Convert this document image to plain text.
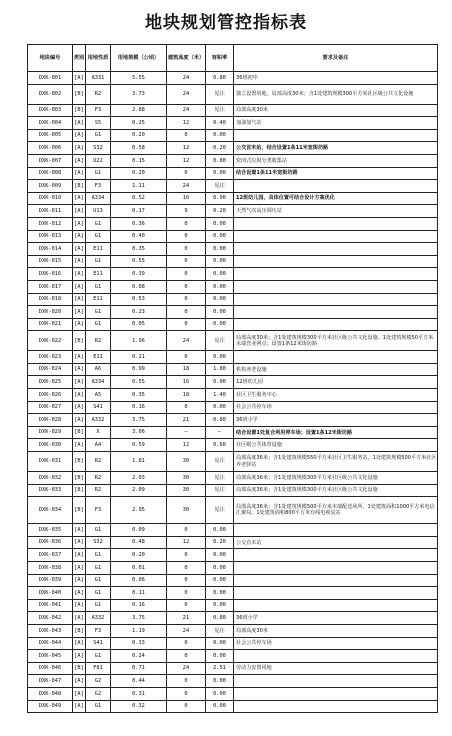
地块规划管控指标表
地块编号	类别	用地性质	用地规模（公顷）	建筑高度（米）	容积率	要求及备注
DXK-001	[A]	A331	5.55	24	0.80	36班初中
DXK-002	[B]	R2	3.73	24	见注	独立设置用地，局部高度30米；含1处建筑规模300平方米社区级公共文化设施
DXK-003	[B]	F3	2.88	24	见注	局部高度30米
DXK-004	[A]	S5	0.25	12	0.40	加油加气站
DXK-005	[A]	G1	0.20	0	0.00	
DXK-006	[A]	S32	0.58	12	0.20	公交首末站，结合设置1条11米宽街坊路
DXK-007	[A]	U22	0.15	12	0.80	密闭式垃圾分类收集站
DXK-008	[A]	G1	0.20	0	0.00	结合设置1条11米宽街坊路
DXK-009	[B]	F3	1.11	24	见注	
DXK-010	[A]	A334	0.52	16	0.90	12班幼儿园，具体位置可结合设计方案优化
DXK-011	[A]	U13	0.17	9	0.20	天然气次高压调压站
DXK-012	[A]	G1	0.36	0	0.00	
DXK-013	[A]	G1	0.40	0	0.00	
DXK-014	[A]	E11	0.35	0	0.00	
DXK-015	[A]	G1	0.55	0	0.00	
DXK-016	[A]	E11	0.39	0	0.00	
DXK-017	[A]	G1	0.08	0	0.00	
DXK-018	[A]	E11	0.53	0	0.00	
DXK-020	[A]	G1	0.23	0	0.00	
DXK-021	[A]	G1	0.05	0	0.00	
DXK-022	[B]	R2	1.96	24	见注	局部高度30米；含1处建筑规模300平方米社区级公共文化设施、1处建筑规模50平方米末端营业网点；设置1条12米街坊路
DXK-023	[A]	E11	0.21	0	0.00	
DXK-024	[A]	A6	0.99	18	1.80	机构养老设施
DXK-025	[A]	A334	0.55	16	0.90	12班幼儿园
DXK-026	[A]	A5	0.35	18	1.40	社区卫生服务中心
DXK-027	[A]	S41	0.16	0	0.00	社会公共停车场
DXK-028	[A]	A332	3.75	21	0.80	36班小学
DXK-029	[B]	X	3.06	—	—	结合设置1处复合利用停车场；设置1条12米街坊路
DXK-030	[A]	A4	0.59	12	0.60	社区级公共体育设施
DXK-031	[B]	R2	1.81	30	见注	局部高度36米；含1处建筑规模550平方米社区卫生服务站、1处建筑规模500平方米社区养老驿站
DXK-032	[B]	R2	2.03	30	见注	局部高度36米；含1处建筑规模300平方米社区级公共文化设施
DXK-033	[B]	R2	2.09	30	见注	局部高度36米；含1处建筑规模300平方米社区级公共文化设施
DXK-034	[B]	F3	2.95	30	见注	局部高度36米；含1处建筑规模500平方米末端配送场所、1处建筑面积1000平方米电信汇聚局、1处建筑面积800平方米有线电视局站
DXK-035	[A]	G1	0.09	0	0.00	
DXK-036	[A]	S32	0.48	12	0.20	公交首末站
DXK-037	[A]	G1	0.20	0	0.00	
DXK-038	[A]	G1	0.01	0	0.00	
DXK-039	[A]	G1	0.06	0	0.00	
DXK-040	[A]	G1	0.11	0	0.00	
DXK-041	[A]	G1	0.16	0	0.00	
DXK-042	[A]	A332	3.75	21	0.80	36班小学
DXK-043	[B]	F3	1.19	24	见注	局部高度30米
DXK-044	[A]	S41	0.33	0	0.00	社会公共停车场
DXK-045	[A]	G1	0.24	0	0.00	
DXK-046	[B]	F81	0.71	24	2.51	劳动力安置用地
DXK-047	[A]	G2	0.44	0	0.00	
DXK-048	[A]	G2	0.31	0	0.00	
DXK-049	[A]	G1	0.32	0	0.00	
